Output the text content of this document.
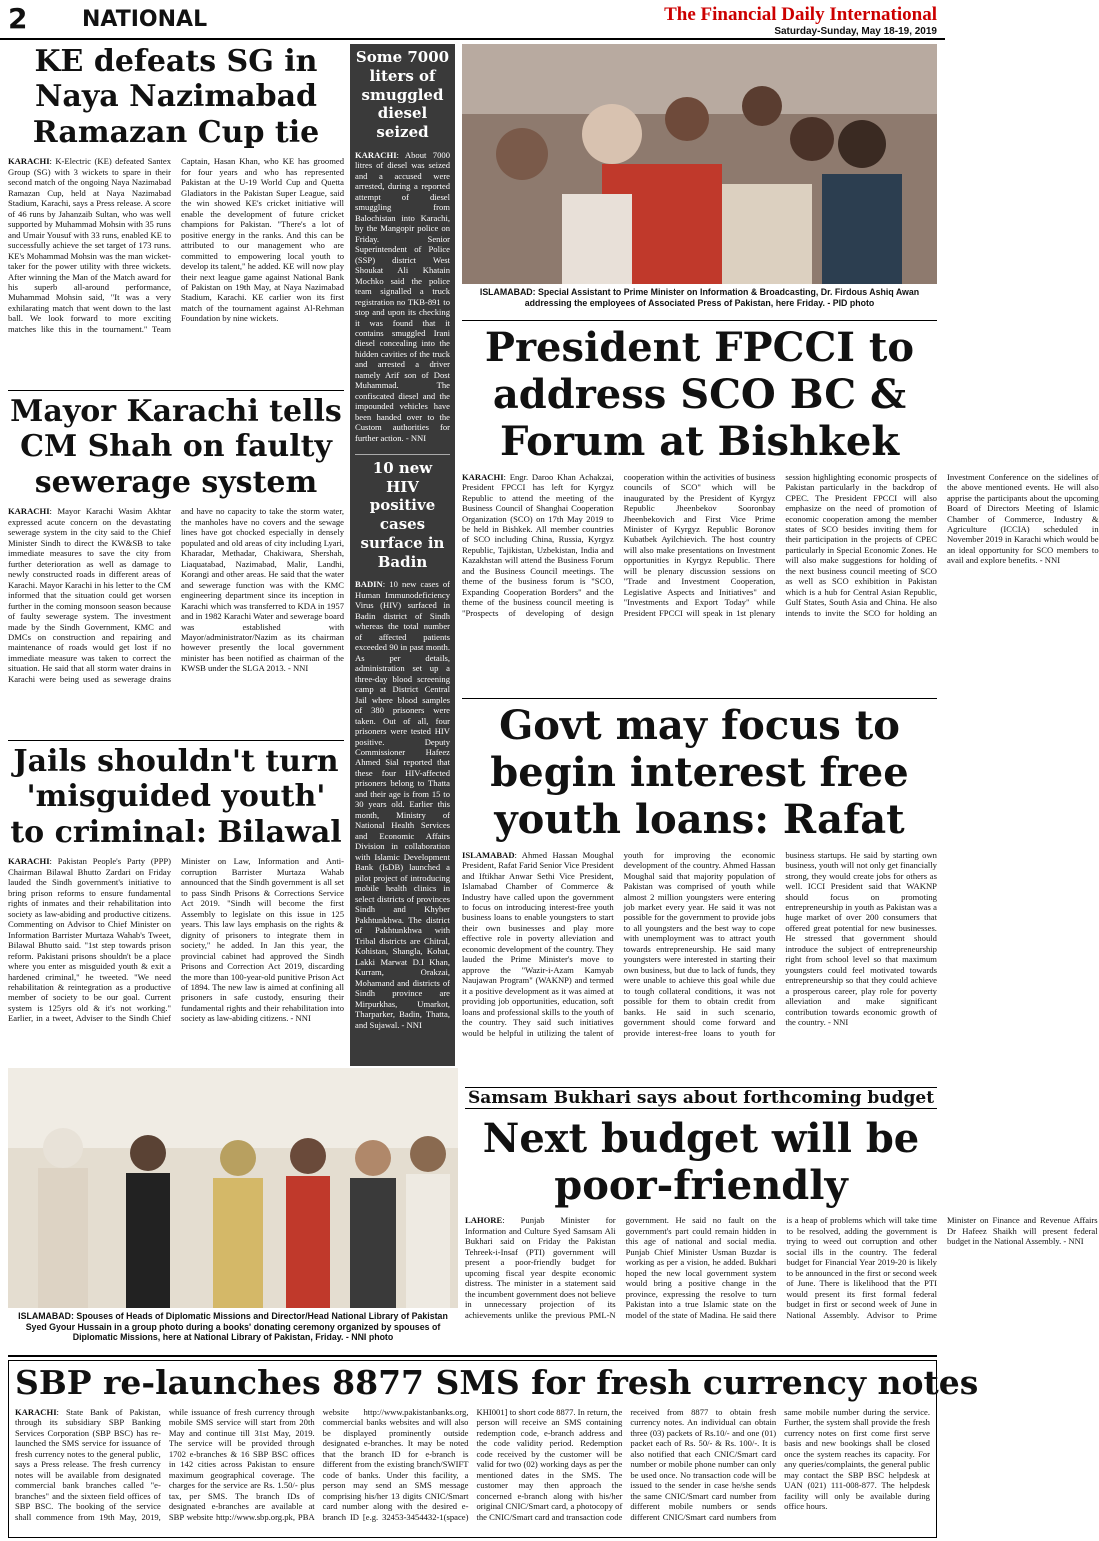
2 NATIONAL	The Financial Daily International
Saturday-Sunday, May 18-19, 2019
KE defeats SG in Naya Nazimabad Ramazan Cup tie
KARACHI: K-Electric (KE) defeated Santex Group (SG) with 3 wickets to spare in their second match of the ongoing Naya Nazimabad Ramazan Cup, held at Naya Nazimabad Stadium, Karachi, says a Press release. A score of 46 runs by Jahanzaib Sultan, who was well supported by Muhammad Mohsin with 35 runs and Umair Yousuf with 33 runs, enabled KE to successfully achieve the set target of 173 runs. KE's Mohammad Mohsin was the man wicket-taker for the power utility with three wickets. After winning the Man of the Match award for his superb all-around performance, Muhammad Mohsin said, "It was a very exhilarating match that went down to the last ball. We look forward to more exciting matches like this in the tournament." Team Captain, Hasan Khan, who KE has groomed for four years and who has represented Pakistan at the U-19 World Cup and Quetta Gladiators in the Pakistan Super League, said the win showed KE's cricket initiative will enable the development of future cricket champions for Pakistan. "There's a lot of positive energy in the ranks. And this can be attributed to our management who are committed to empowering local youth to develop its talent," he added. KE will now play their next league game against National Bank of Pakistan on 19th May, at Naya Nazimabad Stadium, Karachi. KE carlier won its first match of the tournament against Al-Rehman Foundation by nine wickets.
Mayor Karachi tells CM Shah on faulty sewerage system
KARACHI: Mayor Karachi Wasim Akhtar expressed acute concern on the devastating sewerage system in the city said to the Chief Minister Sindh to direct the KW&SB to take immediate measures to save the city from further deterioration as well as damage to newly constructed roads in different areas of Karachi. Mayor Karachi in his letter to the CM informed that the situation could get worsen further in the coming monsoon season because of faulty sewerage system. The investment made by the Sindh Government, KMC and DMCs on construction and repairing and maintenance of roads would get lost if no immediate measure was taken to correct the situation. He said that all storm water drains in Karachi were being used as sewerage drains and have no capacity to take the storm water, the manholes have no covers and the sewage lines have got chocked especially in densely populated and old areas of city including Lyari, Kharadar, Methadar, Chakiwara, Shershah, Liaquatabad, Nazimabad, Malir, Landhi, Korangi and other areas. He said that the water and sewerage function was with the KMC engineering department since its inception in Karachi which was transferred to KDA in 1957 and in 1982 Karachi Water and sewerage board was established with Mayor/administrator/Nazim as its chairman however presently the local government minister has been notified as chairman of the KWSB under the SLGA 2013. - NNI
Jails shouldn't turn 'misguided youth' to criminal: Bilawal
KARACHI: Pakistan People's Party (PPP) Chairman Bilawal Bhutto Zardari on Friday lauded the Sindh government's initiative to bring prison reforms to ensure fundamental rights of inmates and their rehabilitation into society as law-abiding and productive citizens. Commenting on Advisor to Chief Minister on Information Barrister Murtaza Wahab's Tweet, Bilawal Bhutto said. "1st step towards prison reform. Pakistani prisons shouldn't be a place where you enter as misguided youth & exit a hardened criminal," he tweeted. "We need rehabilitation & reintegration as a productive member of society to be our goal. Current system is 125yrs old & it's not working." Earlier, in a tweet, Adviser to the Sindh Chief Minister on Law, Information and Anti-corruption Barrister Murtaza Wahab announced that the Sindh government is all set to pass Sindh Prisons & Corrections Service Act 2019. "Sindh will become the first Assembly to legislate on this issue in 125 years. This law lays emphasis on the rights & dignity of prisoners to integrate them in society," he added. In Jan this year, the provincial cabinet had approved the Sindh Prisons and Correction Act 2019, discarding the more than 100-year-old punitive Prison Act of 1894. The new law is aimed at confining all prisoners in safe custody, ensuring their fundamental rights and their rehabilitation into society as law-abiding citizens. - NNI
Some 7000 liters of smuggled diesel seized
KARACHI: About 7000 litres of diesel was seized and a accused were arrested, during a reported attempt of diesel smuggling from Balochistan into Karachi, by the Mangopir police on Friday. Senior Superintendent of Police (SSP) district West Shoukat Ali Khatain Mochko said the police team signalled a truck registration no TKB-891 to stop and upon its checking it was found that it contains smuggled Irani diesel concealing into the hidden cavities of the truck and arrested a driver namely Arif son of Dost Muhammad. The confiscated diesel and the impounded vehicles have been handed over to the Custom authorities for further action. - NNI
10 new HIV positive cases surface in Badin
BADIN: 10 new cases of Human Immunodeficiency Virus (HIV) surfaced in Badin district of Sindh whereas the total number of affected patients exceeded 90 in past month. As per details, administration set up a three-day blood screening camp at District Central Jail where blood samples of 380 prisoners were taken. Out of all, four prisoners were tested HIV positive. Deputy Commissioner Hafeez Ahmed Sial reported that these four HIV-affected prisoners belong to Thatta and their age is from 15 to 30 years old. Earlier this month, Ministry of National Health Services and Economic Affairs Division in collaboration with Islamic Development Bank (IsDB) launched a pilot project of introducing mobile health clinics in select districts of provinces Sindh and Khyber Pakhtunkhwa. The district of Pakhtunkhwa with Tribal districts are Chitral, Kohistan, Shangla, Kohat, Lakki Marwat D.I Khan, Kurram, Orakzai, Mohamand and districts of Sindh province are Mirpurkhas, Umarkot, Tharparker, Badin, Thatta, and Sujawal. - NNI
ISLAMABAD: Special Assistant to Prime Minister on Information & Broadcasting, Dr. Firdous Ashiq Awan addressing the employees of Associated Press of Pakistan, here Friday. - PID photo
President FPCCI to address SCO BC & Forum at Bishkek
KARACHI: Engr. Daroo Khan Achakzai, President FPCCI has left for Kyrgyz Republic to attend the meeting of the Business Council of Shanghai Cooperation Organization (SCO) on 17th May 2019 to be held in Bishkek. All member countries of SCO including China, Russia, Kyrgyz Republic, Tajikistan, Uzbekistan, India and Kazakhstan will attend the Business Forum and the Business Council meetings. The theme of the business forum is "SCO, Expanding Cooperation Borders" and the theme of the business council meeting is "Prospects of developing of design cooperation within the activities of business councils of SCO" which will be inaugurated by the President of Kyrgyz Republic Jheenbekov Sooronbay Jheenbekovich and First Vice Prime Minister of Kyrgyz Republic Boronov Kubatbek Ayilchievich. The host country will also make presentations on Investment opportunities in Kyrgyz Republic. There will be plenary discussion sessions on "Trade and Investment Cooperation, Legislative Aspects and Initiatives" and "Investments and Export Today" while President FPCCI will speak in 1st plenary session highlighting economic prospects of Pakistan particularly in the backdrop of CPEC. The President FPCCI will also emphasize on the need of promotion of economic cooperation among the member states of SCO besides inviting them for their participation in the projects of CPEC particularly in Special Economic Zones. He will also make suggestions for holding of the next business council meeting of SCO as well as SCO exhibition in Pakistan which is a hub for Central Asian Republic, Gulf States, South Asia and China. He also intends to invite the SCO for holding an Investment Conference on the sidelines of the above mentioned events. He will also apprise the participants about the upcoming Board of Directors Meeting of Islamic Chamber of Commerce, Industry & Agriculture (ICCIA) scheduled in November 2019 in Karachi which would be an ideal opportunity for SCO members to avail and explore benefits. - NNI
Govt may focus to begin interest free youth loans: Rafat
ISLAMABAD: Ahmed Hassan Moughal President, Rafat Farid Senior Vice President and Iftikhar Anwar Sethi Vice President, Islamabad Chamber of Commerce & Industry have called upon the government to focus on introducing interest-free youth business loans to enable youngsters to start their own businesses and play more effective role in poverty alleviation and economic development of the country. They lauded the Prime Minister's move to approve the "Wazir-i-Azam Kamyab Naujawan Program" (WAKNP) and termed it a positive development as it was aimed at providing job opportunities, education, soft loans and professional skills to the youth of the country. They said such initiatives would be helpful in utilizing the talent of youth for improving the economic development of the country. Ahmed Hassan Moughal said that majority population of Pakistan was comprised of youth while almost 2 million youngsters were entering job market every year. He said it was not possible for the government to provide jobs to all youngsters and the best way to cope with unemployment was to attract youth towards entrepreneurship. He said many youngsters were interested in starting their own business, but due to lack of funds, they were unable to achieve this goal while due to tough collateral conditions, it was not possible for them to obtain credit from banks. He said in such scenario, government should come forward and provide interest-free loans to youth for business startups. He said by starting own business, youth will not only get financially strong, they would create jobs for others as well. ICCI President said that WAKNP should focus on promoting entrepreneurship in youth as Pakistan was a huge market of over 200 consumers that offered great potential for new businesses. He stressed that government should introduce the subject of entrepreneurship right from school level so that maximum youngsters could feel motivated towards entrepreneurship so that they could achieve a prosperous career, play role for poverty alleviation and make significant contribution towards economic growth of the country. - NNI
ISLAMABAD: Spouses of Heads of Diplomatic Missions and Director/Head National Library of Pakistan Syed Gyour Hussain in a group photo during a books' donating ceremony organized by spouses of Diplomatic Missions, here at National Library of Pakistan, Friday. - NNI photo
Samsam Bukhari says about forthcoming budget
Next budget will be poor-friendly
LAHORE: Punjab Minister for Information and Culture Syed Samsam Ali Bukhari said on Friday the Pakistan Tehreek-i-Insaf (PTI) government will present a poor-friendly budget for upcoming fiscal year despite economic distress. The minister in a statement said the incumbent government does not believe in unnecessary projection of its achievements unlike the previous PML-N government. He said no fault on the government's part could remain hidden in this age of national and social media. Punjab Chief Minister Usman Buzdar is working as per a vision, he added. Bukhari hoped the new local government system would bring a positive change in the province, expressing the resolve to turn Pakistan into a true Islamic state on the model of the state of Madina. He said there is a heap of problems which will take time to be resolved, adding the government is trying to weed out corruption and other social ills in the country. The federal budget for Financial Year 2019-20 is likely to be announced in the first or second week of June. There is likelihood that the PTI would present its first formal federal budget in first or second week of June in National Assembly. Advisor to Prime Minister on Finance and Revenue Affairs Dr Hafeez Shaikh will present federal budget in the National Assembly. - NNI
SBP re-launches 8877 SMS for fresh currency notes
KARACHI: State Bank of Pakistan, through its subsidiary SBP Banking Services Corporation (SBP BSC) has re-launched the SMS service for issuance of fresh currency notes to the general public, says a Press release. The fresh currency notes will be available from designated commercial bank branches called "e-branches" and the sixteen field offices of SBP BSC. The booking of the service shall commence from 19th May, 2019, while issuance of fresh currency through mobile SMS service will start from 20th May and continue till 31st May, 2019. The service will be provided through 1702 e-branches & 16 SBP BSC offices in 142 cities across Pakistan to ensure maximum geographical coverage. The charges for the service are Rs. 1.50/- plus tax, per SMS. The branch IDs of designated e-branches are available at SBP website http://www.sbp.org.pk, PBA website http://www.pakistanbanks.org, commercial banks websites and will also be displayed prominently outside designated e-branches. It may be noted that the branch ID for e-branch is different from the existing branch/SWIFT code of banks. Under this facility, a person may send an SMS message comprising his/her 13 digits CNIC/Smart card number along with the desired e-branch ID [e.g. 32453-3454432-1(space) KHI001] to short code 8877. In return, the person will receive an SMS containing redemption code, e-branch address and the code validity period. Redemption code received by the customer will be valid for two (02) working days as per the mentioned dates in the SMS. The customer may then approach the concerned e-branch along with his/her original CNIC/Smart card, a photocopy of the CNIC/Smart card and transaction code received from 8877 to obtain fresh currency notes. An individual can obtain three (03) packets of Rs.10/- and one (01) packet each of Rs. 50/- & Rs. 100/-. It is also notified that each CNIC/Smart card number or mobile phone number can only be used once. No transaction code will be issued to the sender in case he/she sends the same CNIC/Smart card number from different mobile numbers or sends different CNIC/Smart card numbers from same mobile number during the service. Further, the system shall provide the fresh currency notes on first come first serve basis and new bookings shall be closed once the system reaches its capacity. For any queries/complaints, the general public may contact the SBP BSC helpdesk at UAN (021) 111-008-877. The helpdesk facility will only be available during office hours.
